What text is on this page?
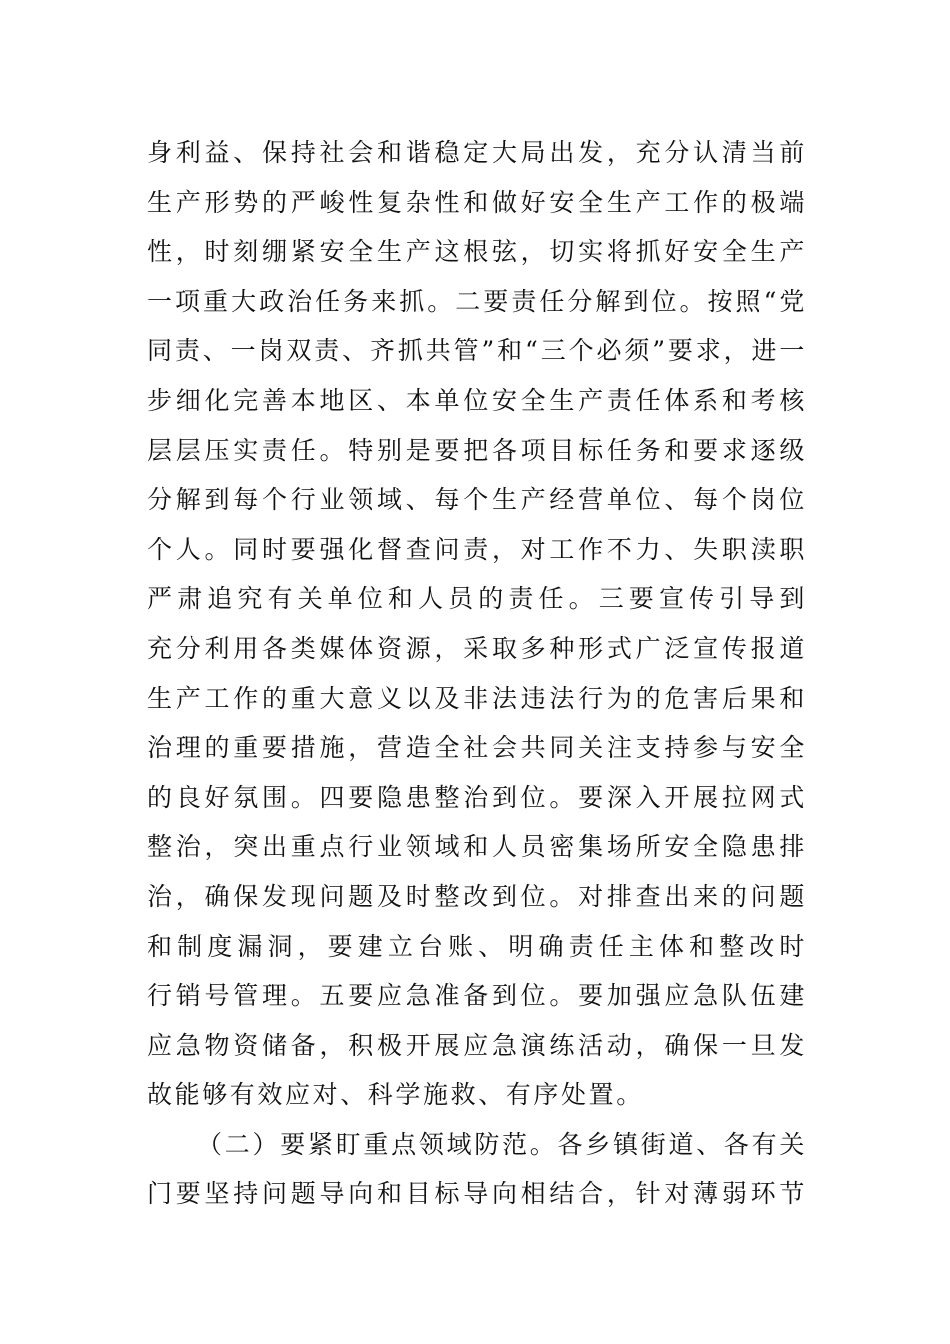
身利益、保持社会和谐稳定大局出发，充分认清当前
生产形势的严峻性复杂性和做好安全生产工作的极端
性，时刻绷紧安全生产这根弦，切实将抓好安全生产
一项重大政治任务来抓。二要责任分解到位。按照“党
同责、一岗双责、齐抓共管”和“三个必须”要求，进一
步细化完善本地区、本单位安全生产责任体系和考核
层层压实责任。特别是要把各项目标任务和要求逐级
分解到每个行业领域、每个生产经营单位、每个岗位
个人。同时要强化督查问责，对工作不力、失职渎职
严肃追究有关单位和人员的责任。三要宣传引导到
充分利用各类媒体资源，采取多种形式广泛宣传报道
生产工作的重大意义以及非法违法行为的危害后果和
治理的重要措施，营造全社会共同关注支持参与安全
的良好氛围。四要隐患整治到位。要深入开展拉网式
整治，突出重点行业领域和人员密集场所安全隐患排
治，确保发现问题及时整改到位。对排查出来的问题
和制度漏洞，要建立台账、明确责任主体和整改时
行销号管理。五要应急准备到位。要加强应急队伍建
应急物资储备，积极开展应急演练活动，确保一旦发
故能够有效应对、科学施救、有序处置。
（二）要紧盯重点领域防范。各乡镇街道、各有关
门要坚持问题导向和目标导向相结合，针对薄弱环节
